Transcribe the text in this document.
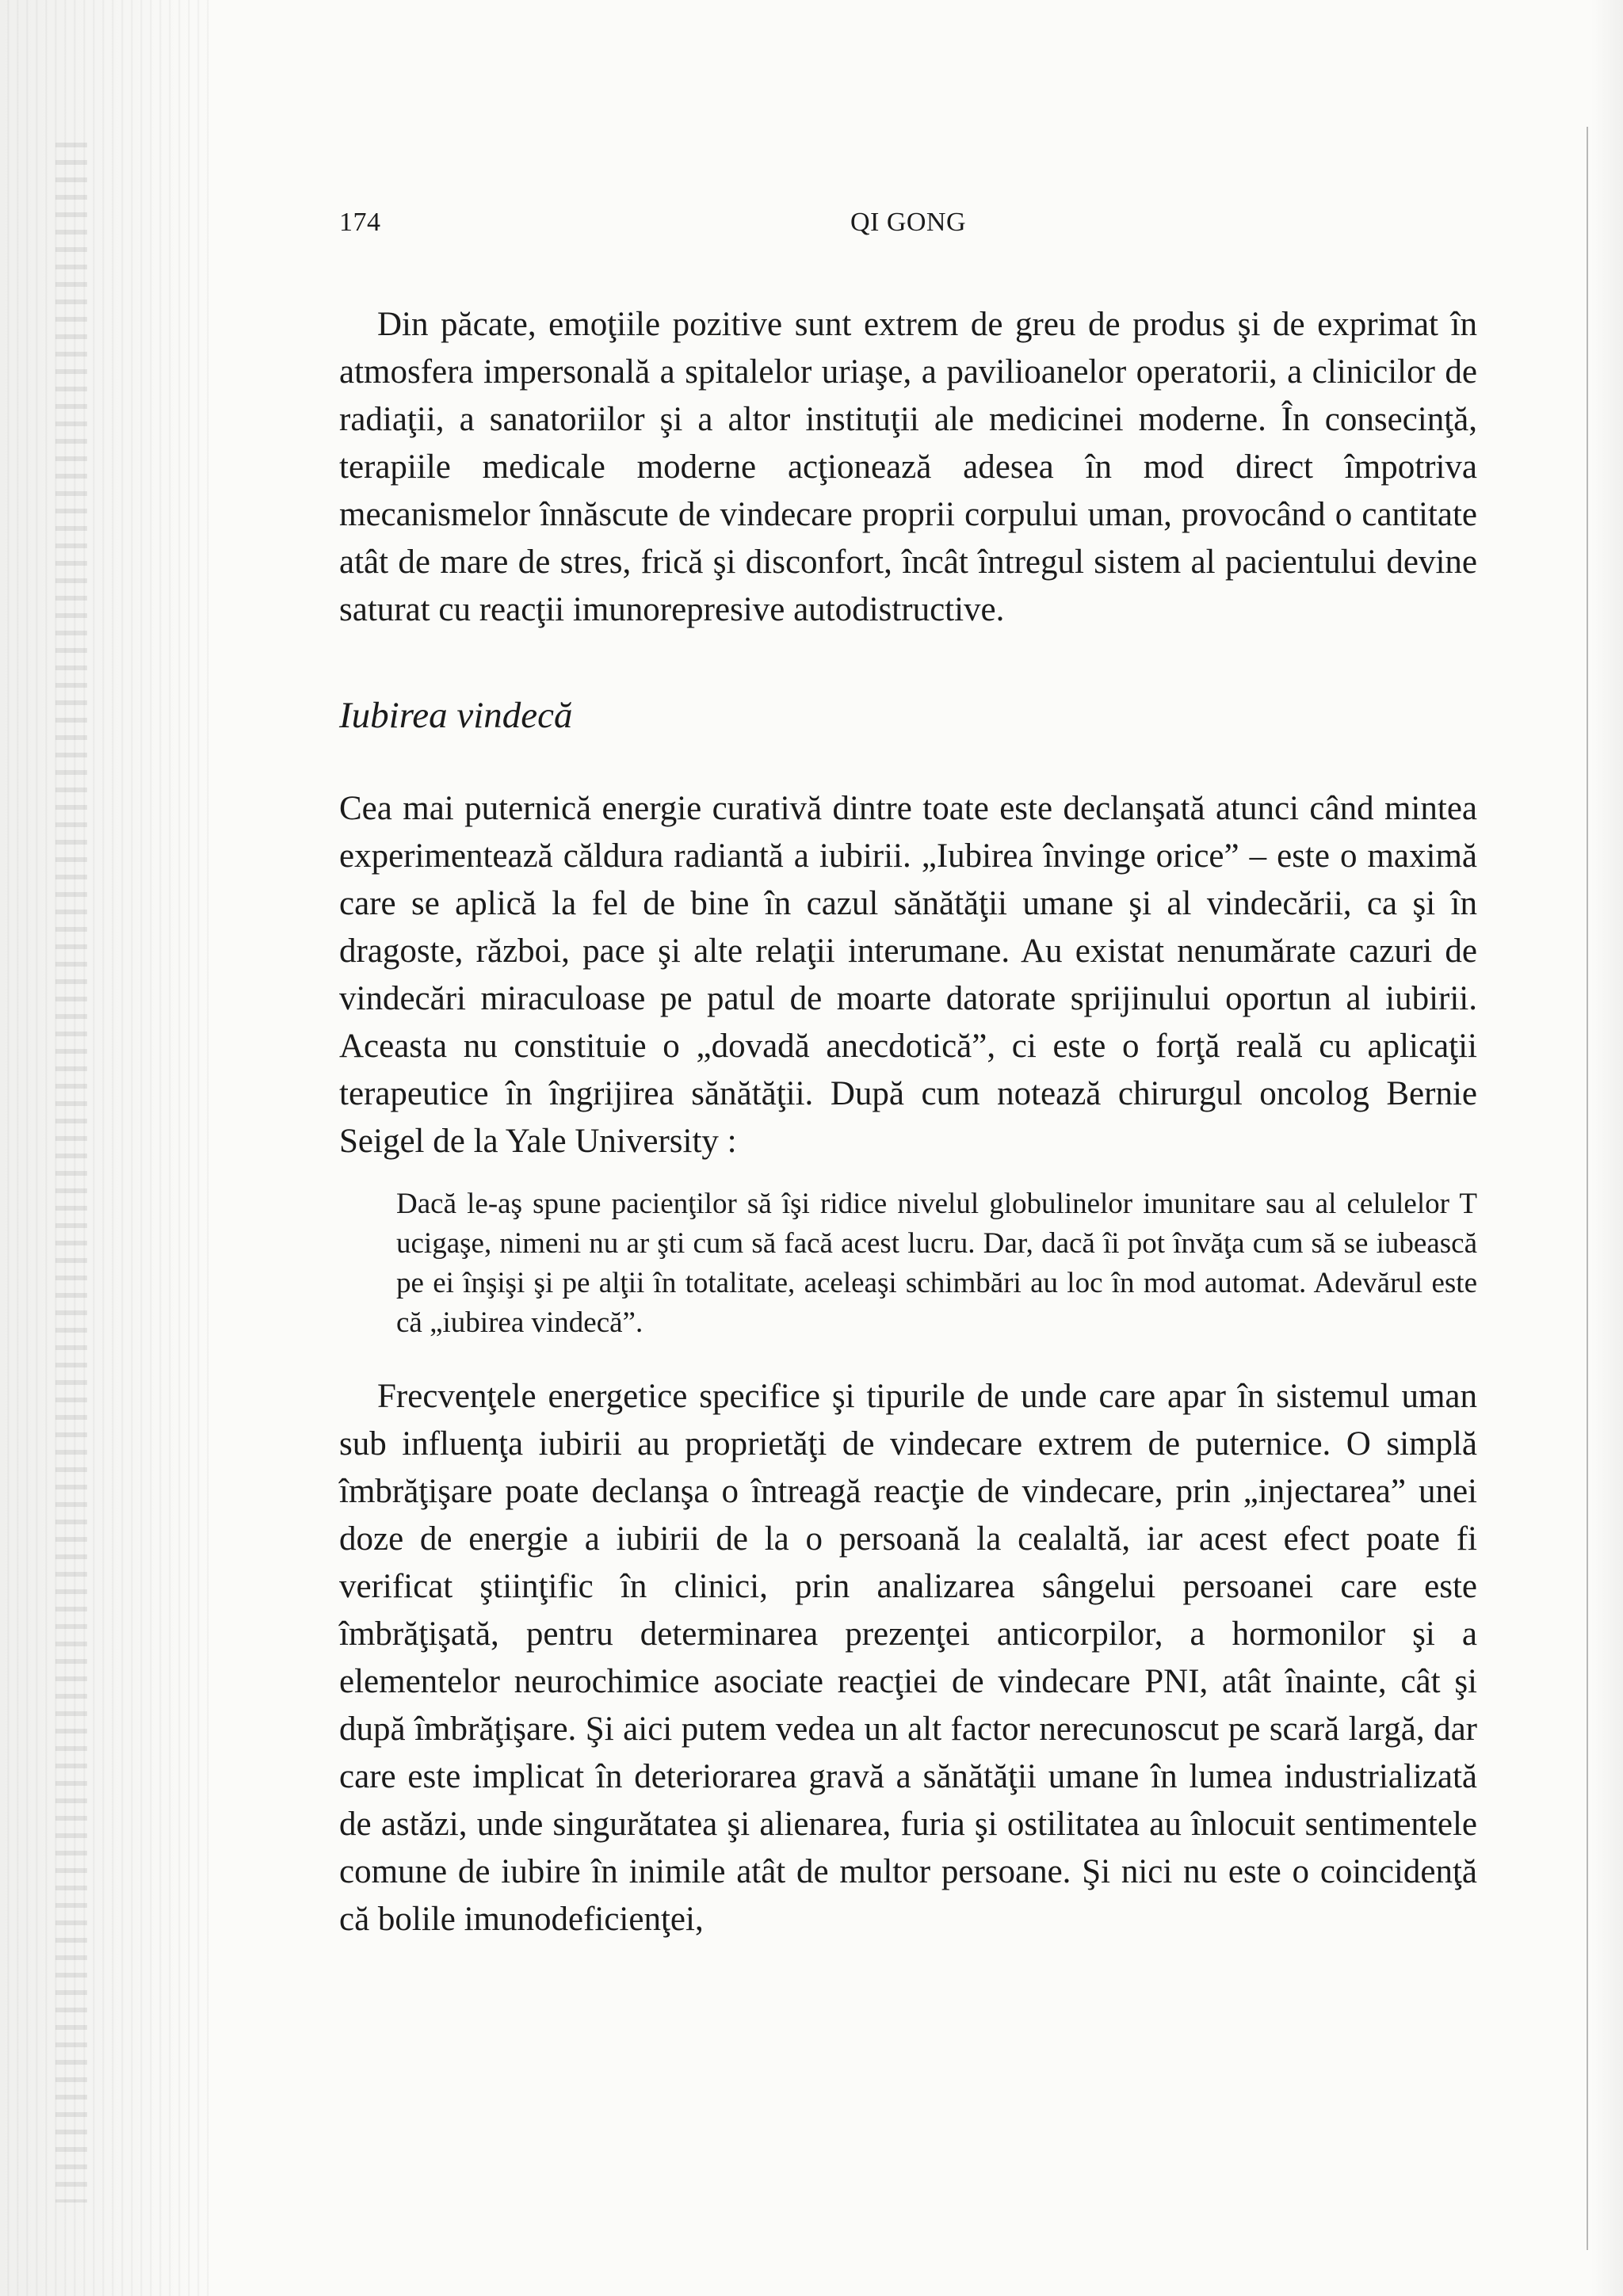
QI GONG
174

Din păcate, emoţiile pozitive sunt extrem de greu de produs şi de exprimat în atmosfera impersonală a spitalelor uriaşe, a pavilioanelor operatorii, a clinicilor de radiaţii, a sanatoriilor şi a altor instituţii ale medicinei moderne. În consecinţă, terapiile medicale moderne acţionează adesea în mod direct împotriva mecanismelor înnăscute de vindecare proprii corpului uman, provocând o cantitate atât de mare de stres, frică şi disconfort, încât întregul sistem al pacientului devine saturat cu reacţii imunorepresive autodistructive.

Iubirea vindecă

Cea mai puternică energie curativă dintre toate este declanşată atunci când mintea experimentează căldura radiantă a iubirii. „Iubirea învinge orice” – este o maximă care se aplică la fel de bine în cazul sănătăţii umane şi al vindecării, ca şi în dragoste, război, pace şi alte relaţii interumane. Au existat nenumărate cazuri de vindecări miraculoase pe patul de moarte datorate sprijinului oportun al iubirii. Aceasta nu constituie o „dovadă anecdotică”, ci este o forţă reală cu aplicaţii terapeutice în îngrijirea sănătăţii. După cum notează chirurgul oncolog Bernie Seigel de la Yale University :

Dacă le-aş spune pacienţilor să îşi ridice nivelul globulinelor imunitare sau al celulelor T ucigaşe, nimeni nu ar şti cum să facă acest lucru. Dar, dacă îi pot învăţa cum să se iubească pe ei înşişi şi pe alţii în totalitate, aceleaşi schimbări au loc în mod automat. Adevărul este că „iubirea vindecă”.

Frecvenţele energetice specifice şi tipurile de unde care apar în sistemul uman sub influenţa iubirii au proprietăţi de vindecare extrem de puternice. O simplă îmbrăţişare poate declanşa o întreagă reacţie de vindecare, prin „injectarea” unei doze de energie a iubirii de la o persoană la cealaltă, iar acest efect poate fi verificat ştiinţific în clinici, prin analizarea sângelui persoanei care este îmbrăţişată, pentru determinarea prezenţei anticorpilor, a hormonilor şi a elementelor neurochimice asociate reacţiei de vindecare PNI, atât înainte, cât şi după îmbrăţişare. Şi aici putem vedea un alt factor nerecunoscut pe scară largă, dar care este implicat în deteriorarea gravă a sănătăţii umane în lumea industrializată de astăzi, unde singurătatea şi alienarea, furia şi ostilitatea au înlocuit sentimentele comune de iubire în inimile atât de multor persoane. Şi nici nu este o coincidenţă că bolile imunodeficienţei,
